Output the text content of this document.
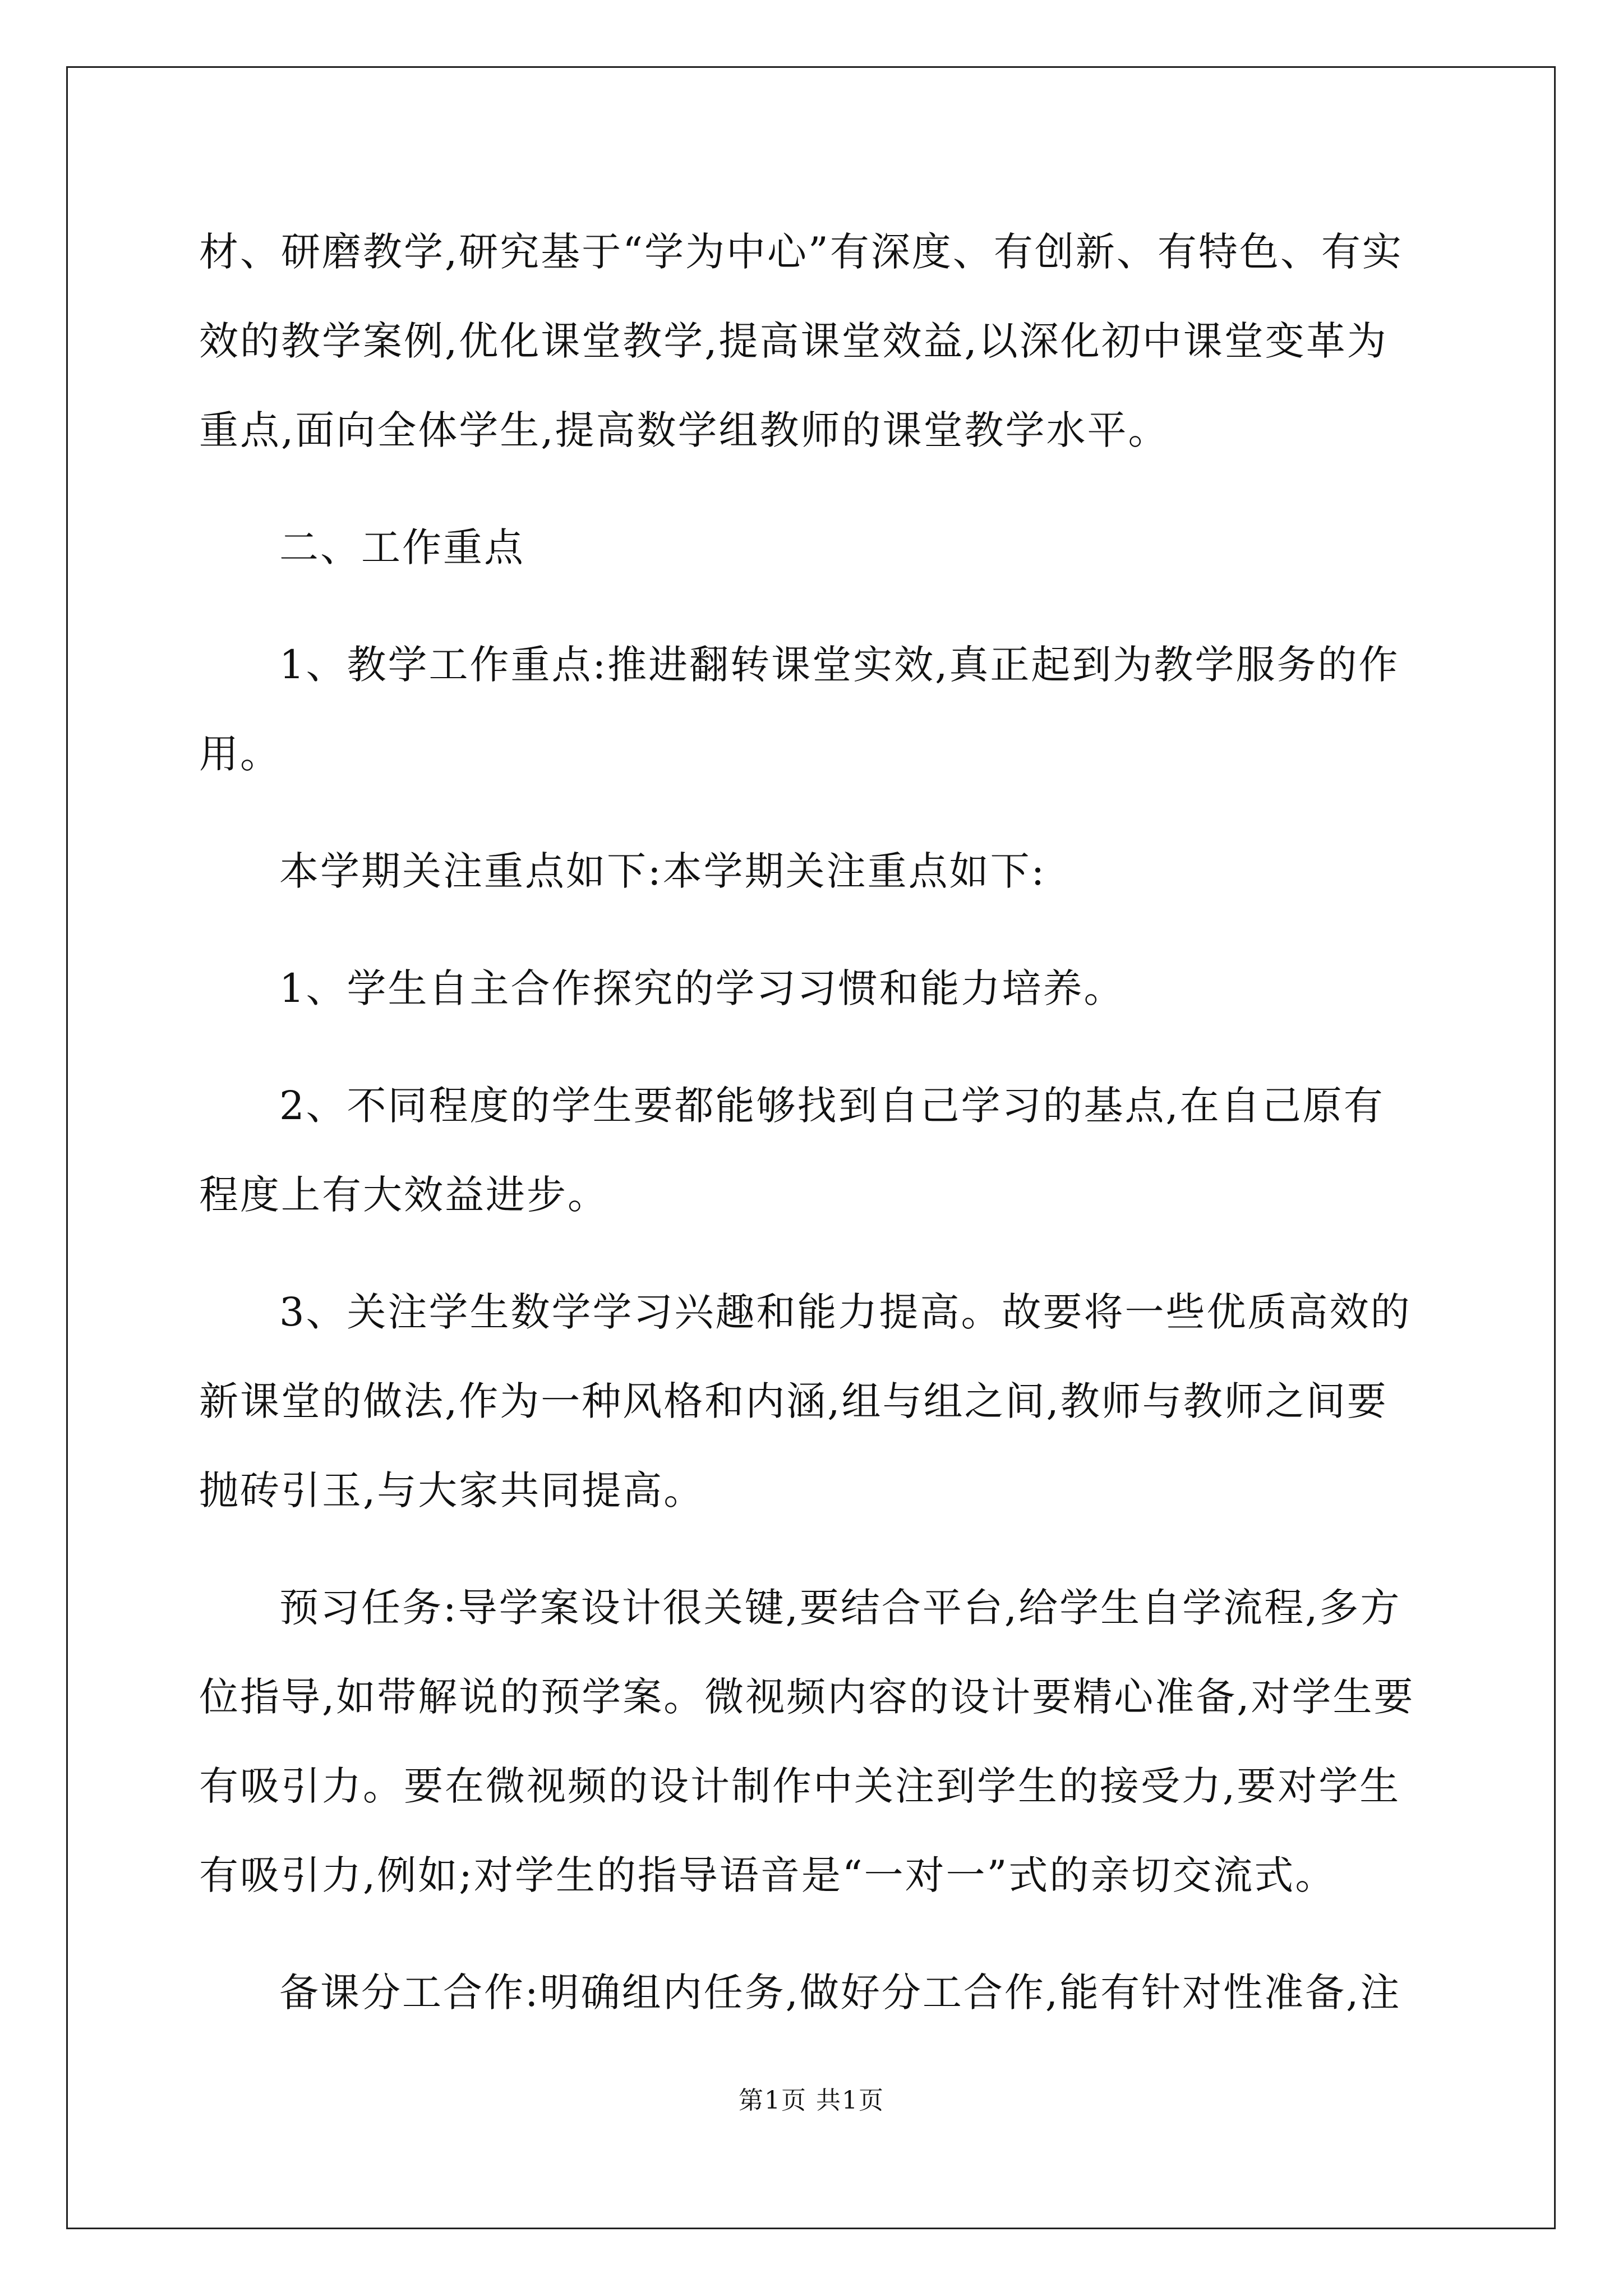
材、研磨教学,研究基于“学为中心”有深度、有创新、有特色、有实效的教学案例,优化课堂教学,提高课堂效益,以深化初中课堂变革为重点,面向全体学生,提高数学组教师的课堂教学水平。

二、工作重点

1、教学工作重点:推进翻转课堂实效,真正起到为教学服务的作用。

本学期关注重点如下:本学期关注重点如下:

1、学生自主合作探究的学习习惯和能力培养。

2、不同程度的学生要都能够找到自己学习的基点,在自己原有程度上有大效益进步。

3、关注学生数学学习兴趣和能力提高。故要将一些优质高效的新课堂的做法,作为一种风格和内涵,组与组之间,教师与教师之间要抛砖引玉,与大家共同提高。

预习任务:导学案设计很关键,要结合平台,给学生自学流程,多方位指导,如带解说的预学案。微视频内容的设计要精心准备,对学生要有吸引力。要在微视频的设计制作中关注到学生的接受力,要对学生有吸引力,例如;对学生的指导语音是“一对一”式的亲切交流式。

备课分工合作:明确组内任务,做好分工合作,能有针对性准备,注

第1页 共1页
